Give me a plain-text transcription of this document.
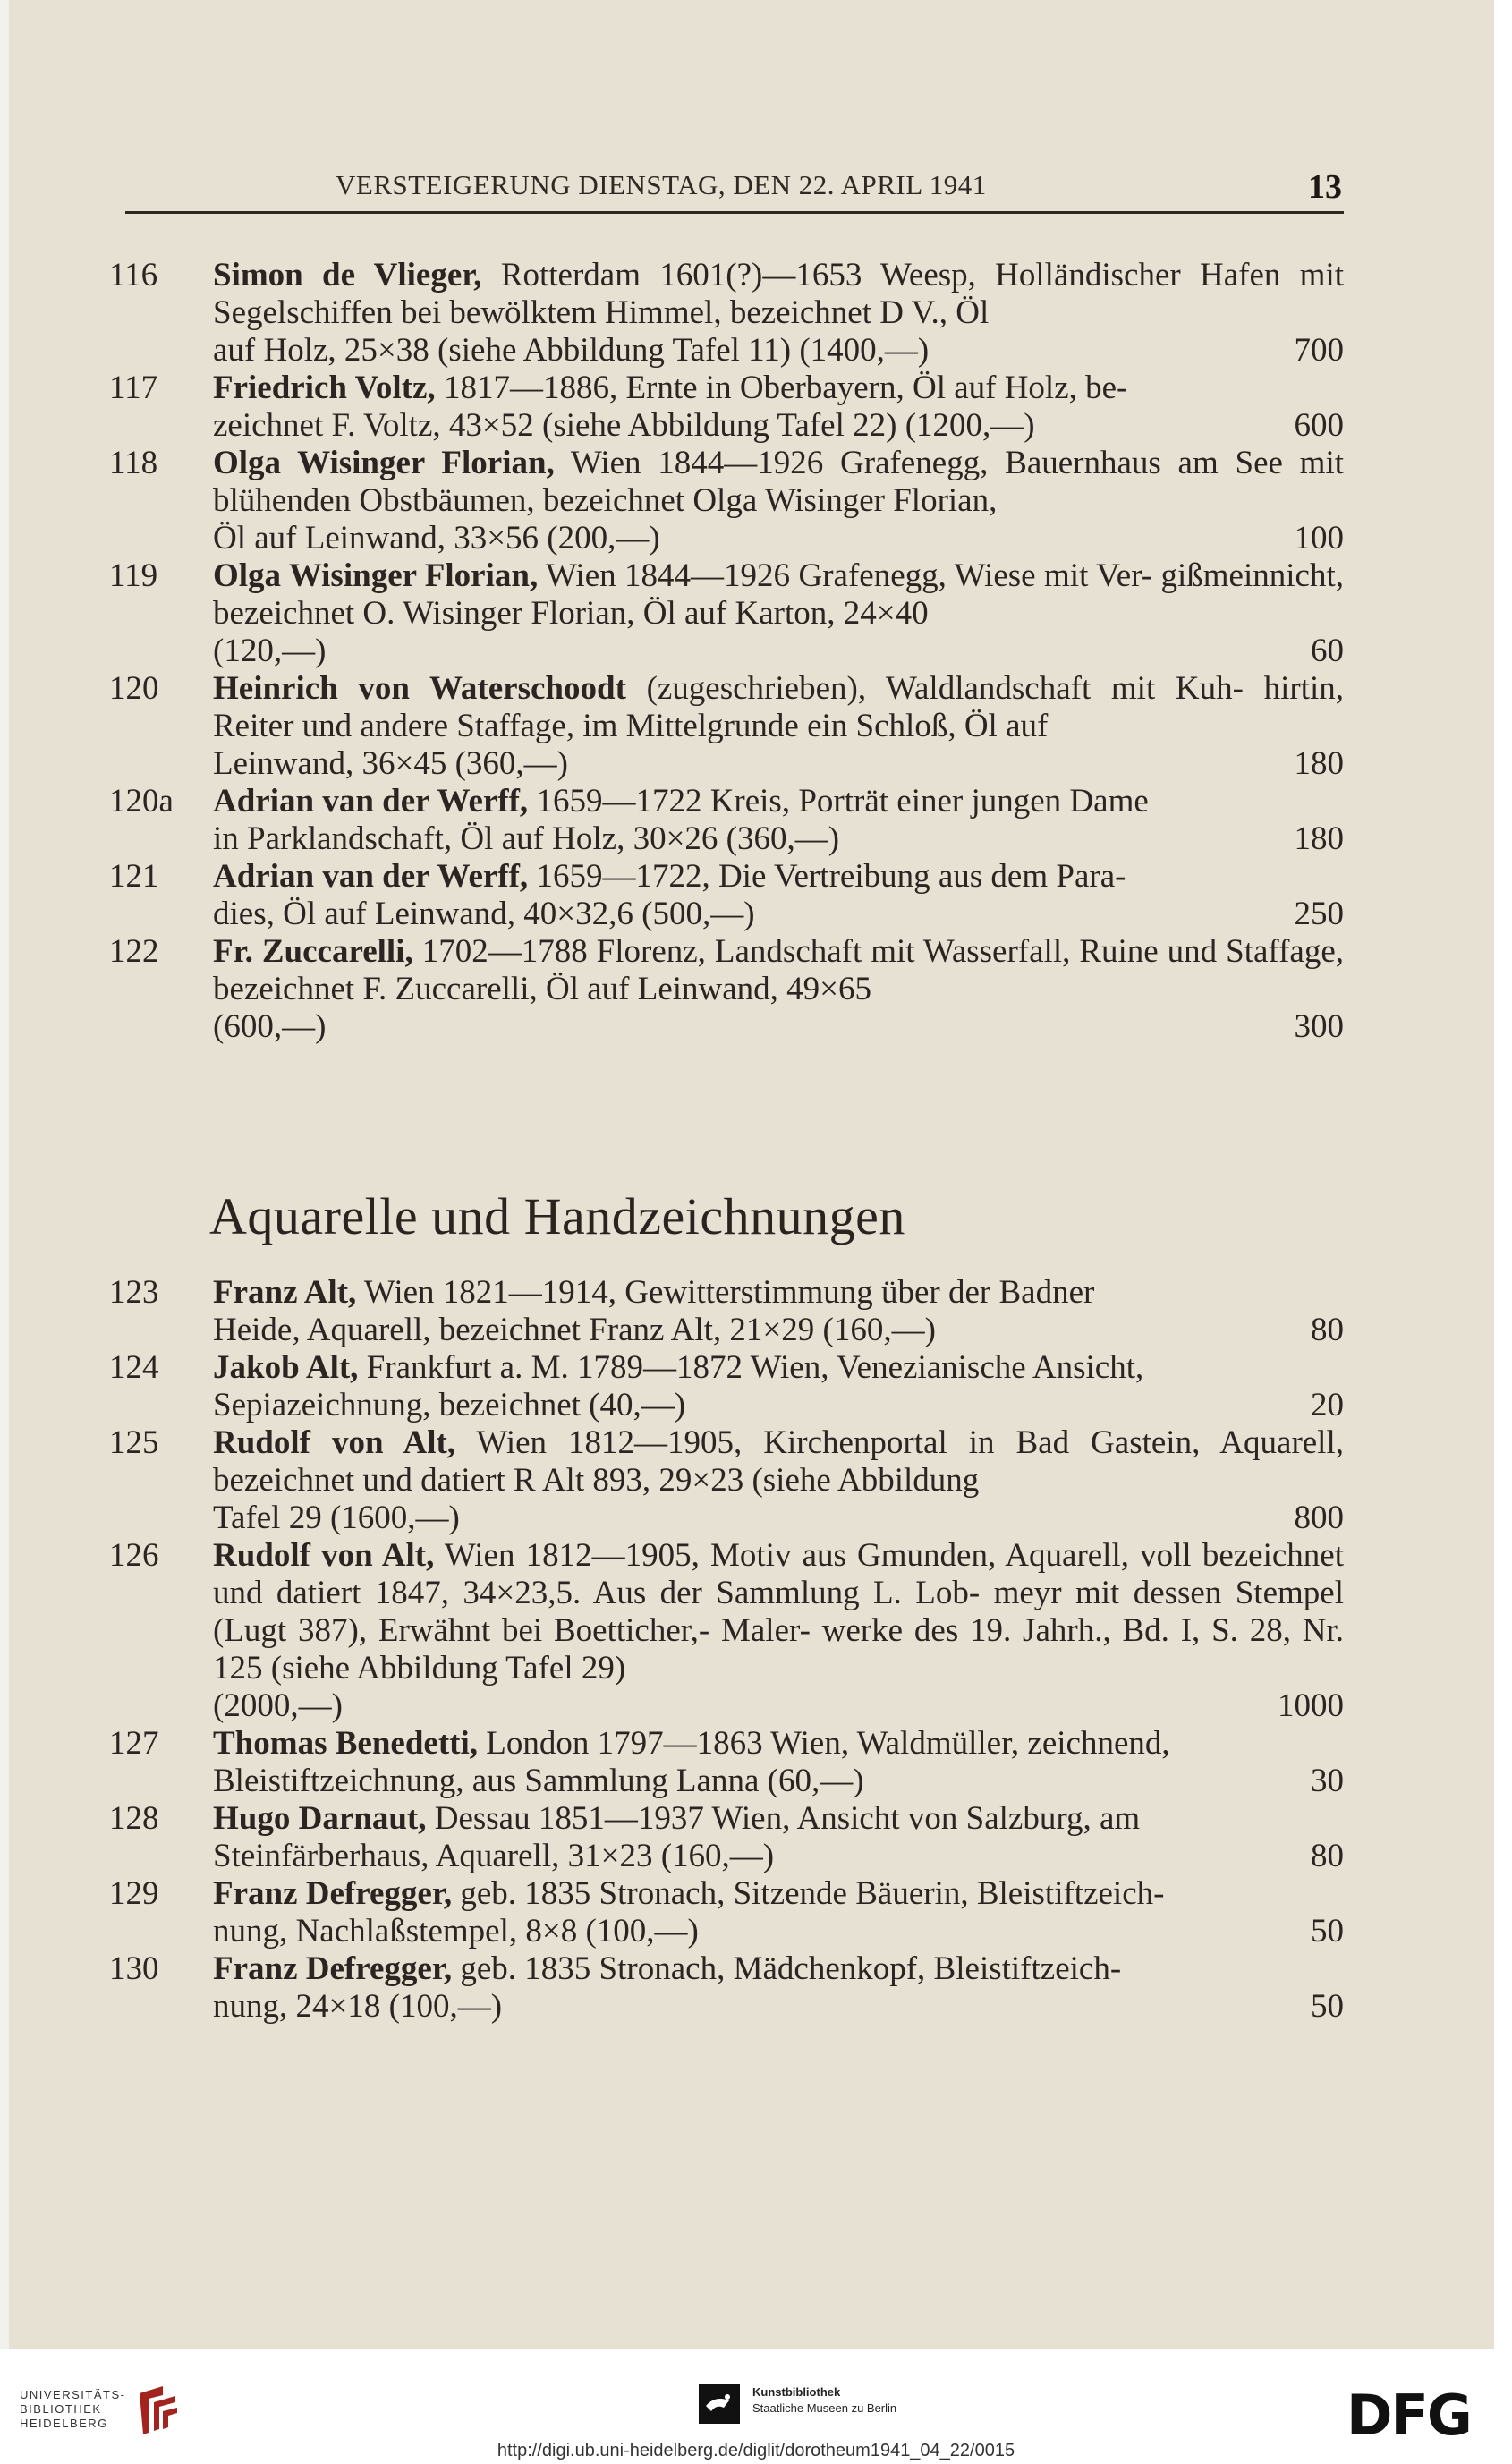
VERSTEIGERUNG DIENSTAG, DEN 22. APRIL 1941	13
116	Simon de Vlieger, Rotterdam 1601(?)—1653 Weesp, Holländischer Hafen mit Segelschiffen bei bewölktem Himmel, bezeichnet D V., Öl
auf Holz, 25×38 (siehe Abbildung Tafel 11) (1400,—)	700
117	Friedrich Voltz, 1817—1886, Ernte in Oberbayern, Öl auf Holz, be-
zeichnet F. Voltz, 43×52 (siehe Abbildung Tafel 22) (1200,—)	600
118	Olga Wisinger Florian, Wien 1844—1926 Grafenegg, Bauernhaus am See mit blühenden Obstbäumen, bezeichnet Olga Wisinger Florian,
Öl auf Leinwand, 33×56 (200,—)	100
119	Olga Wisinger Florian, Wien 1844—1926 Grafenegg, Wiese mit Ver- gißmeinnicht, bezeichnet O. Wisinger Florian, Öl auf Karton, 24×40
(120,—)	60
120	Heinrich von Waterschoodt (zugeschrieben), Waldlandschaft mit Kuh- hirtin, Reiter und andere Staffage, im Mittelgrunde ein Schloß, Öl auf
Leinwand, 36×45 (360,—)	180
120a	Adrian van der Werff, 1659—1722 Kreis, Porträt einer jungen Dame
in Parklandschaft, Öl auf Holz, 30×26 (360,—)	180
121	Adrian van der Werff, 1659—1722, Die Vertreibung aus dem Para-
dies, Öl auf Leinwand, 40×32,6 (500,—)	250
122	Fr. Zuccarelli, 1702—1788 Florenz, Landschaft mit Wasserfall, Ruine und Staffage, bezeichnet F. Zuccarelli, Öl auf Leinwand, 49×65
(600,—)	300
Aquarelle und Handzeichnungen
123	Franz Alt, Wien 1821—1914, Gewitterstimmung über der Badner
Heide, Aquarell, bezeichnet Franz Alt, 21×29 (160,—)	80
124	Jakob Alt, Frankfurt a. M. 1789—1872 Wien, Venezianische Ansicht,
Sepiazeichnung, bezeichnet (40,—)	20
125	Rudolf von Alt, Wien 1812—1905, Kirchenportal in Bad Gastein, Aquarell, bezeichnet und datiert R Alt 893, 29×23 (siehe Abbildung
Tafel 29 (1600,—)	800
126	Rudolf von Alt, Wien 1812—1905, Motiv aus Gmunden, Aquarell, voll bezeichnet und datiert 1847, 34×23,5. Aus der Sammlung L. Lob- meyr mit dessen Stempel (Lugt 387), Erwähnt bei Boetticher,- Maler- werke des 19. Jahrh., Bd. I, S. 28, Nr. 125 (siehe Abbildung Tafel 29)
(2000,—)	1000
127	Thomas Benedetti, London 1797—1863 Wien, Waldmüller, zeichnend,
Bleistiftzeichnung, aus Sammlung Lanna (60,—)	30
128	Hugo Darnaut, Dessau 1851—1937 Wien, Ansicht von Salzburg, am
Steinfärberhaus, Aquarell, 31×23 (160,—)	80
129	Franz Defregger, geb. 1835 Stronach, Sitzende Bäuerin, Bleistiftzeich-
nung, Nachlaßstempel, 8×8 (100,—)	50
130	Franz Defregger, geb. 1835 Stronach, Mädchenkopf, Bleistiftzeich-
nung, 24×18 (100,—)	50
UNIVERSITÄTS-
BIBLIOTHEK
HEIDELBERG
Kunstbibliothek
Staatliche Museen zu Berlin	DFG
http://digi.ub.uni-heidelberg.de/diglit/dorotheum1941_04_22/0015
